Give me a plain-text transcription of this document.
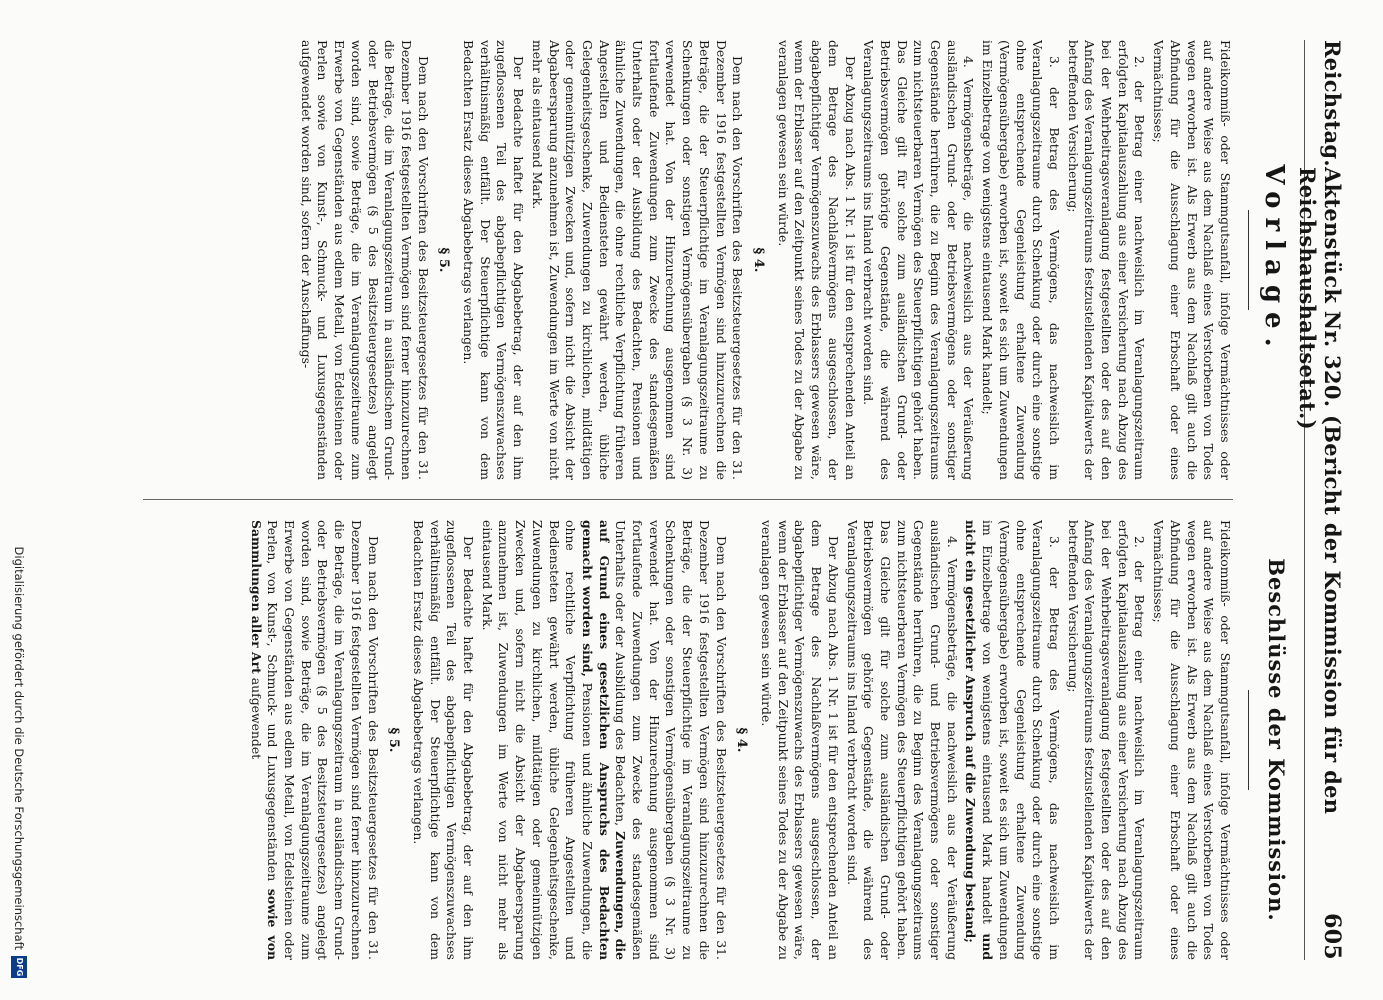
Reichstag.
Aktenstück Nr. 320. (Bericht der Kommission für den Reichshaushaltsetat.)
605
Vorlage.
Beschlüsse der Kommission.

Fideikommiß- oder Stammgutsanfall, infolge Vermächtnisses oder auf andere Weise aus dem Nachlaß eines Verstorbenen von Todes wegen erworben ist. Als Erwerb aus dem Nachlaß gilt auch die Abfindung für die Ausschlagung einer Erbschaft oder eines Vermächtnisses;

2. der Betrag einer nachweislich im Veranlagungszeitraum erfolgten Kapitalauszahlung aus einer Versicherung nach Abzug des bei der Wehrbeitragsveranlagung festgestellten oder des auf den Anfang des Veranlagungszeitraums festzustellenden Kapitalwerts der betreffenden Versicherung;

3. der Betrag des Vermögens, das nachweislich im Veranlagungszeitraume durch Schenkung oder durch eine sonstige ohne entsprechende Gegenleistung erhaltene Zuwendung (Vermögensübergabe) erworben ist, soweit es sich um Zuwendungen im Einzelbetrage von wenigstens eintausend Mark handelt;

4. Vermögensbeträge, die nachweislich aus der Veräußerung ausländischen Grund- oder Betriebsvermögens oder sonstiger Gegenstände herrühren, die zu Beginn des Veranlagungszeitraums zum nichtsteuerbaren Vermögen des Steuerpflichtigen gehört haben. Das Gleiche gilt für solche zum ausländischen Grund- oder Betriebsvermögen gehörige Gegenstände, die während des Veranlagungszeitraums ins Inland verbracht worden sind.

Der Abzug nach Abs. 1 Nr. 1 ist für den entsprechenden Anteil an dem Betrage des Nachlaßvermögens ausgeschlossen, der abgabepflichtiger Vermögenszuwachs des Erblassers gewesen wäre, wenn der Erblasser auf den Zeitpunkt seines Todes zu der Abgabe zu veranlagen gewesen sein würde.

§ 4.

Dem nach den Vorschriften des Besitzsteuergesetzes für den 31. Dezember 1916 festgestellten Vermögen sind hinzuzurechnen die Beträge, die der Steuerpflichtige im Veranlagungszeitraume zu Schenkungen oder sonstigen Vermögensübergaben (§ 3 Nr. 3) verwendet hat. Von der Hinzurechnung ausgenommen sind fortlaufende Zuwendungen zum Zwecke des standesgemäßen Unterhalts oder der Ausbildung des Bedachten, Pensionen und ähnliche Zuwendungen, die ohne rechtliche Verpflichtung früheren Angestellten und Bediensteten gewährt werden, übliche Gelegenheitsgeschenke, Zuwendungen zu kirchlichen, mildtätigen oder gemeinnützigen Zwecken und, sofern nicht die Absicht der Abgabeersparung anzunehmen ist, Zuwendungen im Werte von nicht mehr als eintausend Mark.

Der Bedachte haftet für den Abgabebetrag, der auf den ihm zugeflossenen Teil des abgabepflichtigen Vermögenszuwachses verhältnismäßig entfällt. Der Steuerpflichtige kann von dem Bedachten Ersatz dieses Abgabebetrags verlangen.

§ 5.

Dem nach den Vorschriften des Besitzsteuergesetzes für den 31. Dezember 1916 festgestellten Vermögen sind ferner hinzuzurechnen die Beträge, die im Veranlagungszeitraum in ausländischem Grund- oder Betriebsvermögen (§ 5 des Besitzsteuergesetzes) angelegt worden sind, sowie Beträge, die im Veranlagungszeitraume zum Erwerbe von Gegenständen aus edlem Metall, von Edelsteinen oder Perlen sowie von Kunst-, Schmuck- und Luxusgegenständen aufgewendet worden sind, sofern der Anschaffungs-

Fideikommiß- oder Stammgutsanfall, infolge Vermächtnisses oder auf andere Weise aus dem Nachlaß eines Verstorbenen von Todes wegen erworben ist. Als Erwerb aus dem Nachlaß gilt auch die Abfindung für die Ausschlagung einer Erbschaft oder eines Vermächtnisses;

2. der Betrag einer nachweislich im Veranlagungszeitraum erfolgten Kapitalauszahlung aus einer Versicherung nach Abzug des bei der Wehrbeitragsveranlagung festgestellten oder des auf den Anfang des Veranlagungszeitraums festzustellenden Kapitalwerts der betreffenden Versicherung;

3. der Betrag des Vermögens, das nachweislich im Veranlagungszeitraume durch Schenkung oder durch eine sonstige ohne entsprechende Gegenleistung erhaltene Zuwendung (Vermögensübergabe) erworben ist, soweit es sich um Zuwendungen im Einzelbetrage von wenigstens eintausend Mark handelt und nicht ein gesetzlicher Anspruch auf die Zuwendung bestand;

4. Vermögensbeträge, die nachweislich aus der Veräußerung ausländischen Grund- und Betriebsvermögens oder sonstiger Gegenstände herrühren, die zu Beginn des Veranlagungszeitraums zum nichtsteuerbaren Vermögen des Steuerpflichtigen gehört haben. Das Gleiche gilt für solche zum ausländischen Grund- oder Betriebsvermögen gehörige Gegenstände, die während des Veranlagungszeitraums ins Inland verbracht worden sind.

Der Abzug nach Abs. 1 Nr. 1 ist für den entsprechenden Anteil an dem Betrage des Nachlaßvermögens ausgeschlossen, der abgabepflichtiger Vermögenszuwachs des Erblassers gewesen wäre, wenn der Erblasser auf den Zeitpunkt seines Todes zu der Abgabe zu veranlagen gewesen sein würde.

§ 4.

Dem nach den Vorschriften des Besitzsteuergesetzes für den 31. Dezember 1916 festgestellten Vermögen sind hinzuzurechnen die Beträge, die der Steuerpflichtige im Veranlagungszeitraume zu Schenkungen oder sonstigen Vermögensübergaben (§ 3 Nr. 3) verwendet hat. Von der Hinzurechnung ausgenommen sind fortlaufende Zuwendungen zum Zwecke des standesgemäßen Unterhalts oder der Ausbildung des Bedachten, Zuwendungen, die auf Grund eines gesetzlichen Anspruchs des Bedachten gemacht worden sind, Pensionen und ähnliche Zuwendungen, die ohne rechtliche Verpflichtung früheren Angestellten und Bediensteten gewährt werden, übliche Gelegenheitsgeschenke, Zuwendungen zu kirchlichen, mildtätigen oder gemeinnützigen Zwecken und, sofern nicht die Absicht der Abgabeersparung anzunehmen ist, Zuwendungen im Werte von nicht mehr als eintausend Mark.

Der Bedachte haftet für den Abgabebetrag, der auf den ihm zugeflossenen Teil des abgabepflichtigen Vermögenszuwachses verhältnismäßig entfällt. Der Steuerpflichtige kann von dem Bedachten Ersatz dieses Abgabebetrags verlangen.

§ 5.

Dem nach den Vorschriften des Besitzsteuergesetzes für den 31. Dezember 1916 festgestellten Vermögen sind ferner hinzuzurechnen die Beträge, die im Veranlagungszeitraum in ausländischem Grund- oder Betriebsvermögen (§ 5 des Besitzsteuergesetzes) angelegt worden sind, sowie Beträge, die im Veranlagungszeitraume zum Erwerbe von Gegenständen aus edlem Metall, von Edelsteinen oder Perlen, von Kunst-, Schmuck- und Luxusgegenständen sowie von Sammlungen aller Art aufgewendet

Digitalisierung gefördert durch die Deutsche Forschungsgemeinschaft
DFG
